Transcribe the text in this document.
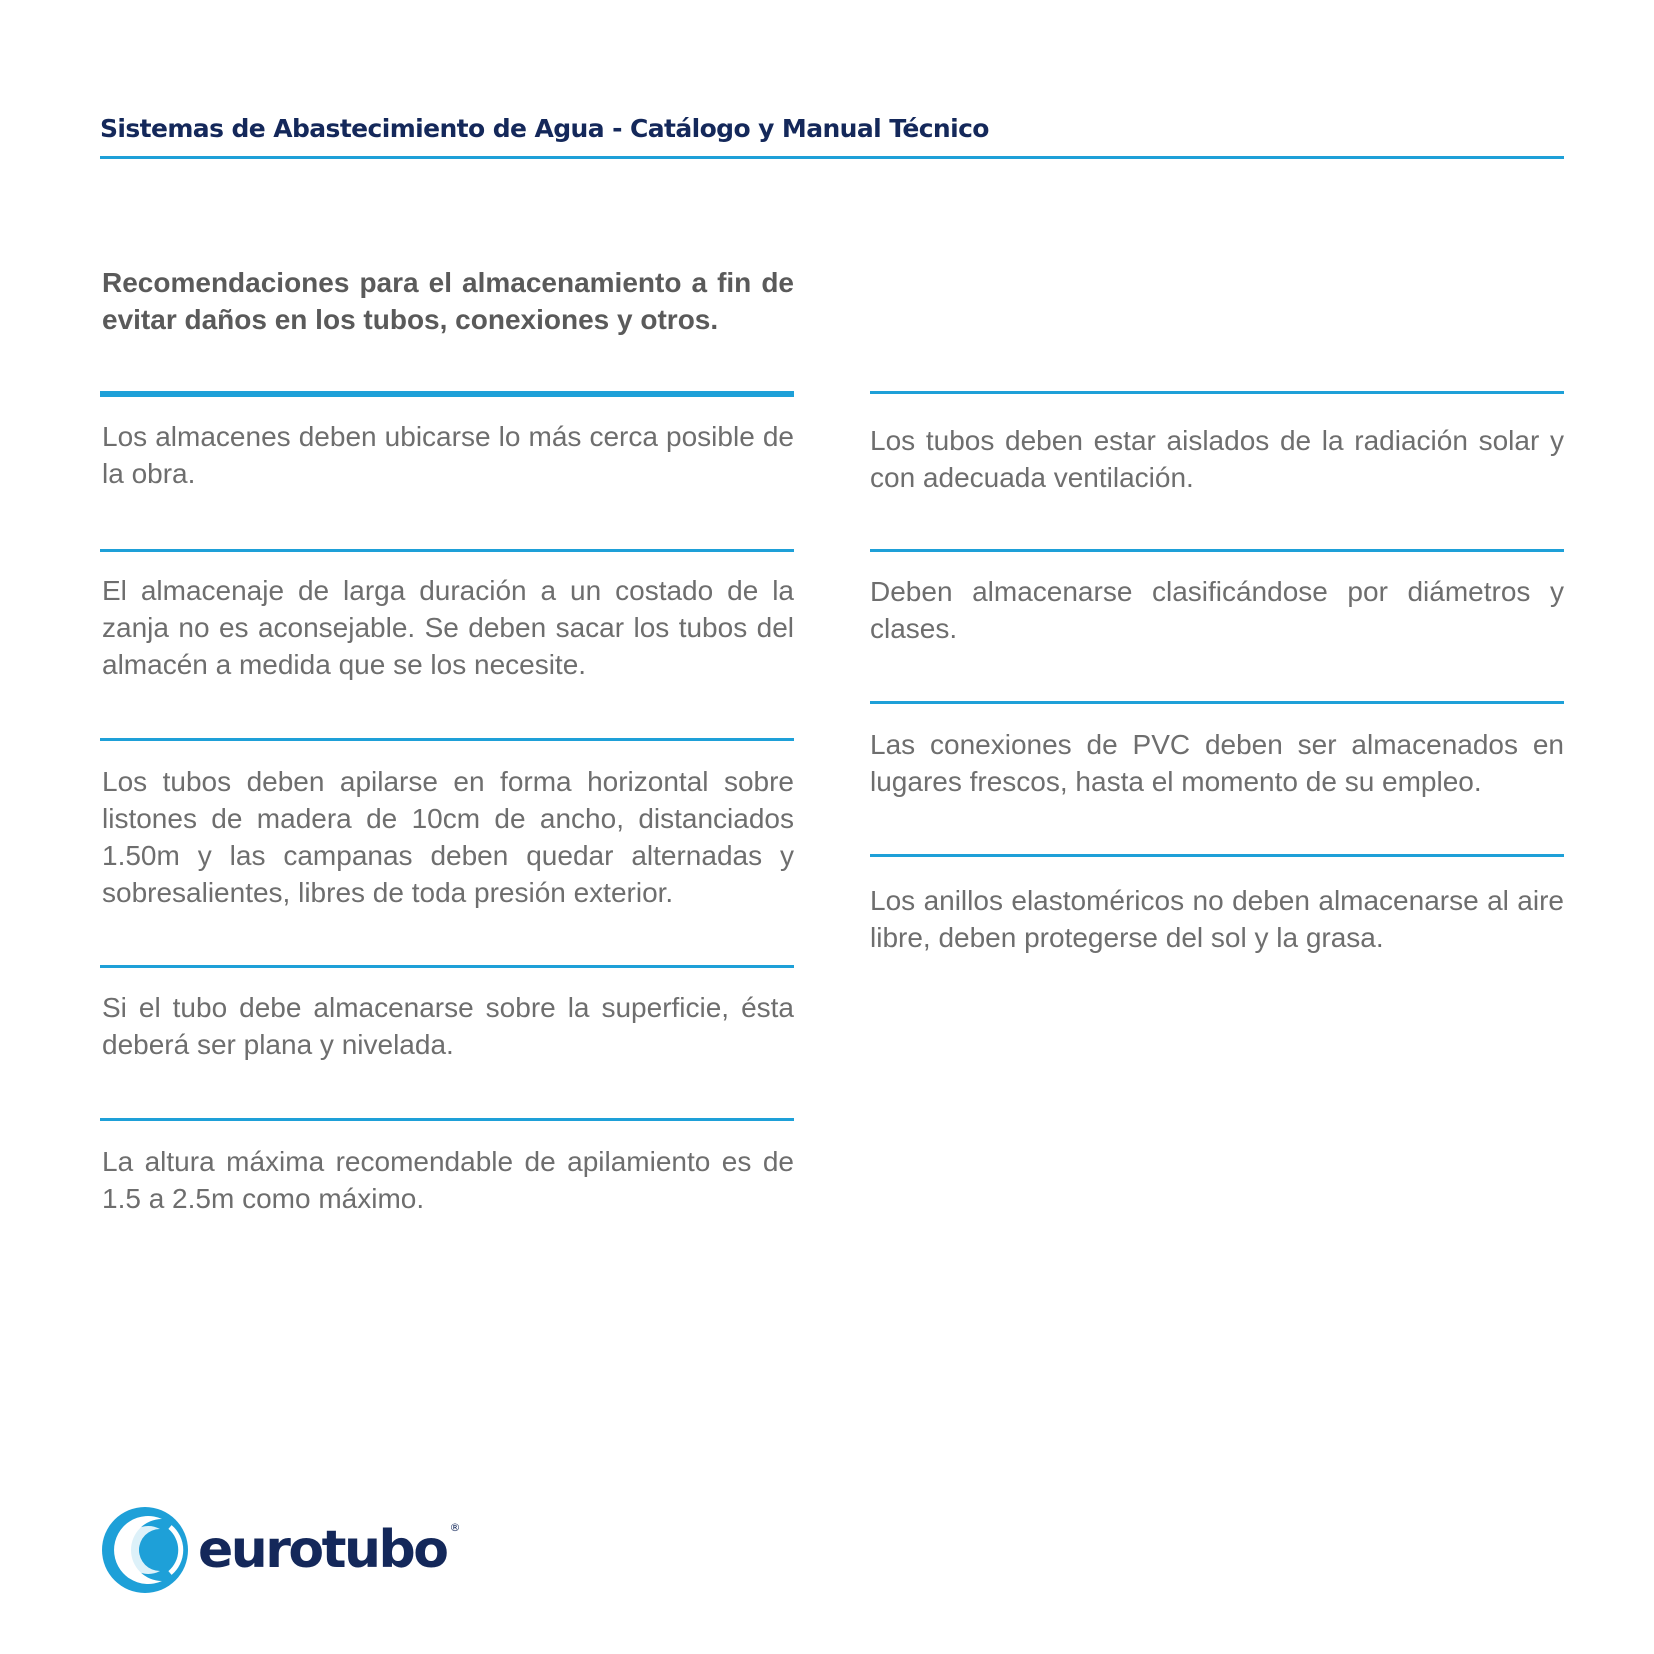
Sistemas de Abastecimiento de Agua - Catálogo y Manual Técnico
Recomendaciones para el almacenamiento a fin de evitar daños en los tubos, conexiones y otros.

Los almacenes deben ubicarse lo más cerca posible de la obra.

El almacenaje de larga duración a un costado de la zanja no es aconsejable. Se deben sacar los tubos del almacén a medida que se los necesite.

Los tubos deben apilarse en forma horizontal sobre listones de madera de 10cm de ancho, distanciados 1.50m y las campanas deben quedar alternadas y sobresalientes, libres de toda presión exterior.

Si el tubo debe almacenarse sobre la superficie, ésta deberá ser plana y nivelada.

La altura máxima recomendable de apilamiento es de 1.5 a 2.5m como máximo.

Los tubos deben estar aislados de la radiación solar y con adecuada ventilación.

Deben almacenarse clasificándose por diámetros y clases.

Las conexiones de PVC deben ser almacenados en lugares frescos, hasta el momento de su empleo.

Los anillos elastoméricos no deben almacenarse al aire libre, deben protegerse del sol y la grasa.

eurotubo ®
